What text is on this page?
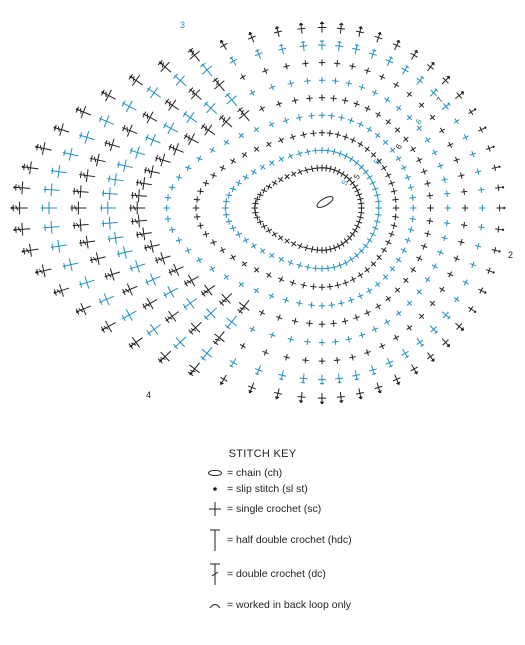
2
3
4
7
6
6
5
5
5
STITCH KEY
= chain (ch)
= slip stitch (sl st)
= single crochet (sc)
= half double crochet (hdc)
= double crochet (dc)
= worked in back loop only
